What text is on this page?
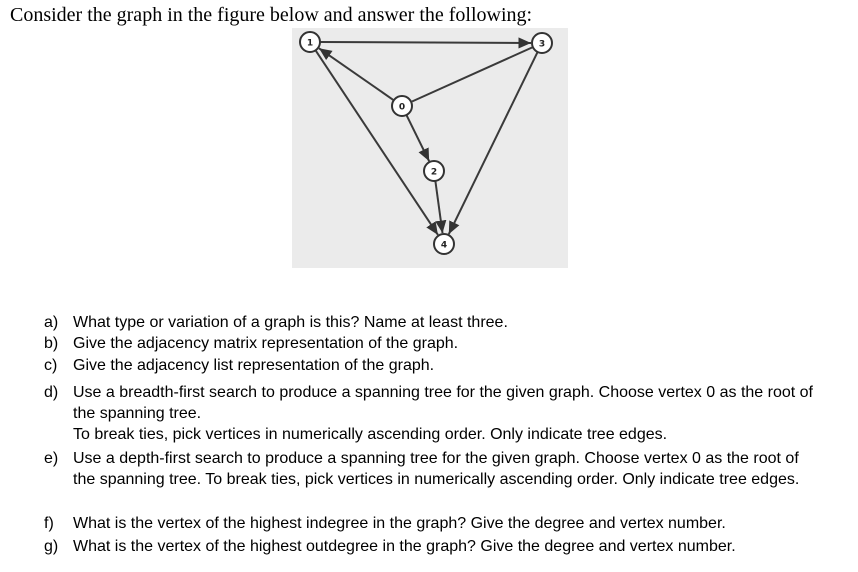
Consider the graph in the figure below and answer the following:
1	3
0
2
4
a) What type or variation of a graph is this? Name at least three.
b) Give the adjacency matrix representation of the graph.
c) Give the adjacency list representation of the graph.
d) Use a breadth-first search to produce a spanning tree for the given graph. Choose vertex 0 as the root of
the spanning tree.
To break ties, pick vertices in numerically ascending order. Only indicate tree edges.
e) Use a depth-first search to produce a spanning tree for the given graph. Choose vertex 0 as the root of
the spanning tree. To break ties, pick vertices in numerically ascending order. Only indicate tree edges.
f) What is the vertex of the highest indegree in the graph? Give the degree and vertex number.
g) What is the vertex of the highest outdegree in the graph? Give the degree and vertex number.
